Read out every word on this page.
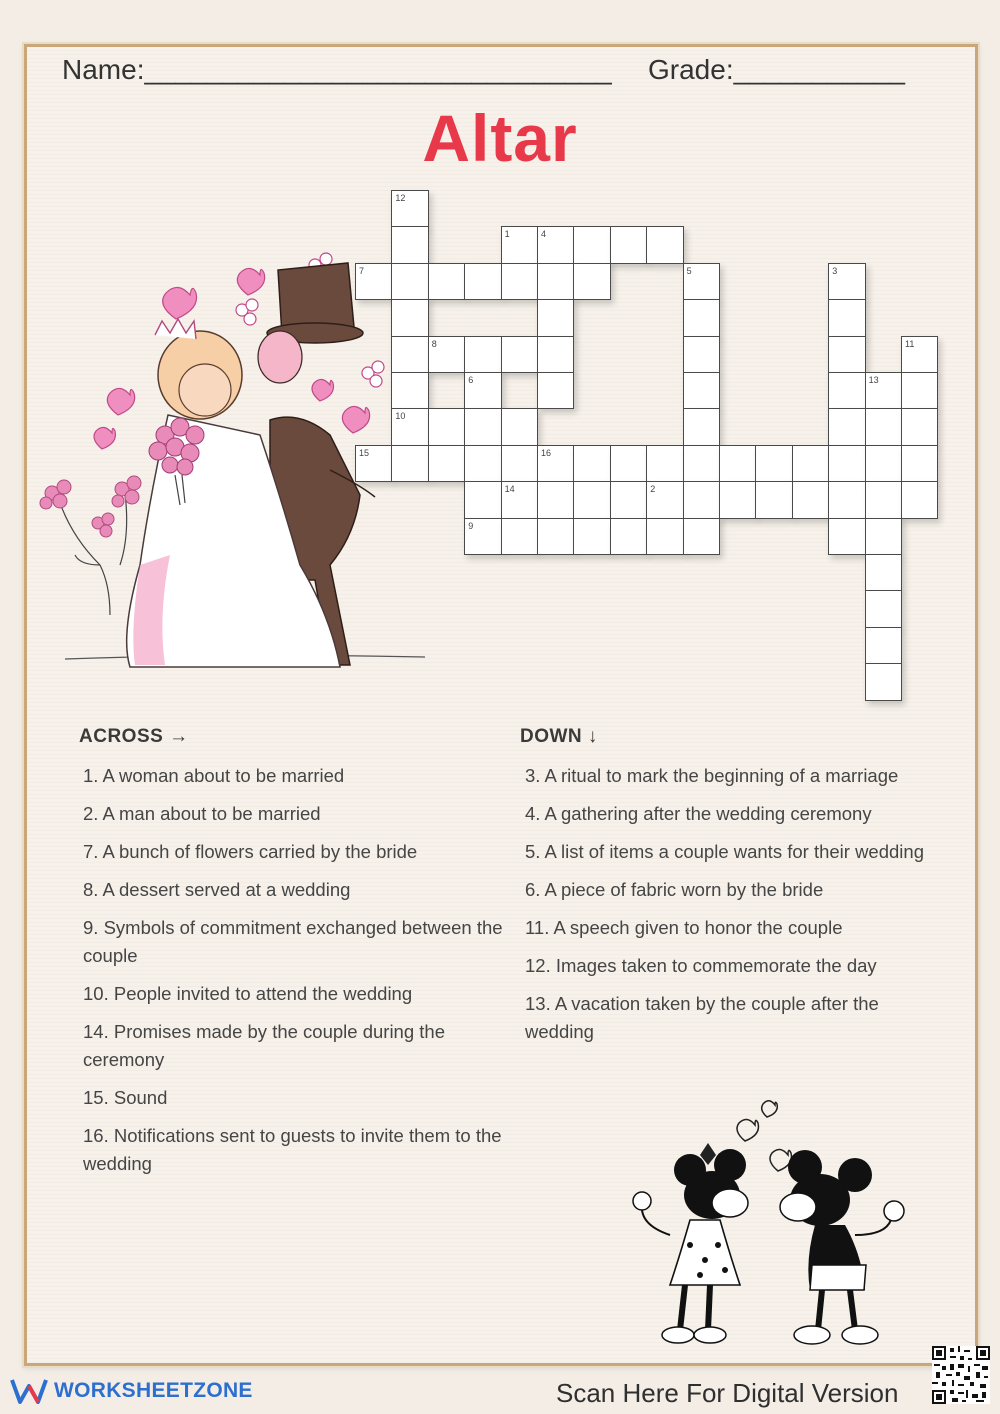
Name:______________________________ Grade:___________
Altar
12
1	4
7	5	3
8	11
6	13
10
15	16
14	2
9
ACROSS →	DOWN ↓
1. A woman about to be married
2. A man about to be married
7. A bunch of flowers carried by the bride
8. A dessert served at a wedding
9. Symbols of commitment exchanged between the couple
10. People invited to attend the wedding
14. Promises made by the couple during the ceremony
15. Sound
16. Notifications sent to guests to invite them to the wedding
3. A ritual to mark the beginning of a marriage
4. A gathering after the wedding ceremony
5. A list of items a couple wants for their wedding
6. A piece of fabric worn by the bride
11. A speech given to honor the couple
12. Images taken to commemorate the day
13. A vacation taken by the couple after the wedding
WORKSHEETZONE	Scan Here For Digital Version
